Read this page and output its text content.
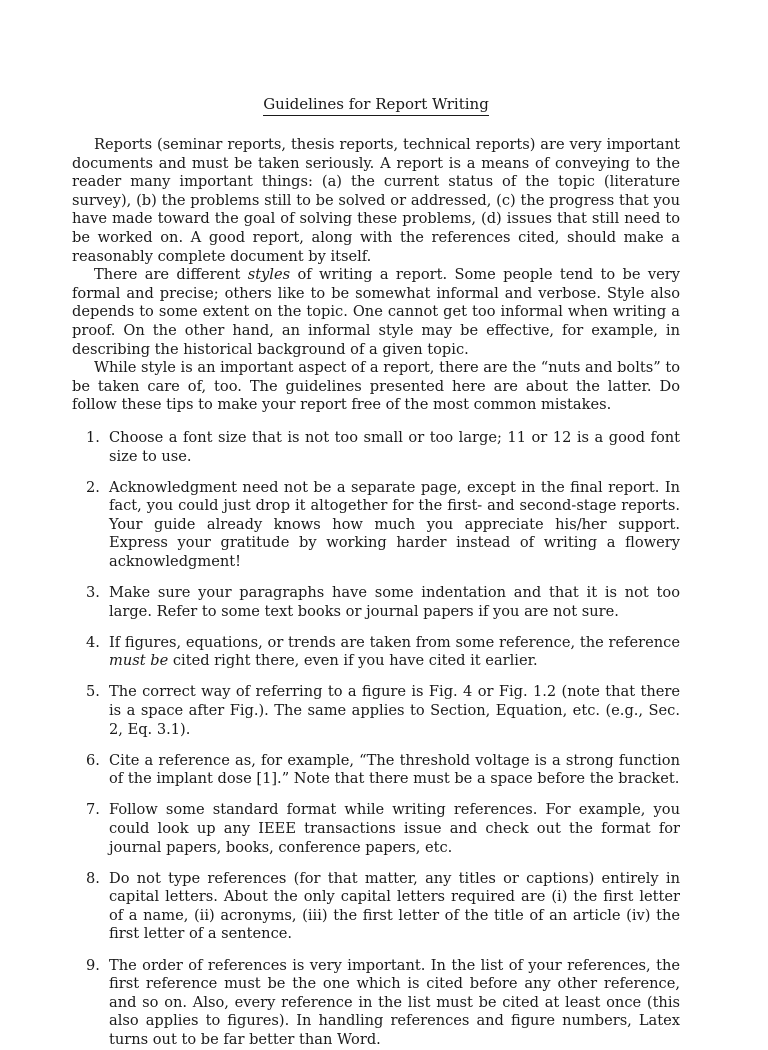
Guidelines for Report Writing

Reports (seminar reports, thesis reports, technical reports) are very important documents and must be taken seriously. A report is a means of conveying to the reader many important things: (a) the current status of the topic (literature survey), (b) the problems still to be solved or addressed, (c) the progress that you have made toward the goal of solving these problems, (d) issues that still need to be worked on. A good report, along with the references cited, should make a reasonably complete document by itself.

There are different styles of writing a report. Some people tend to be very formal and precise; others like to be somewhat informal and verbose. Style also depends to some extent on the topic. One cannot get too informal when writing a proof. On the other hand, an informal style may be effective, for example, in describing the historical background of a given topic.

While style is an important aspect of a report, there are the “nuts and bolts” to be taken care of, too. The guidelines presented here are about the latter. Do follow these tips to make your report free of the most common mistakes.

1. Choose a font size that is not too small or too large; 11 or 12 is a good font size to use.
2. Acknowledgment need not be a separate page, except in the final report. In fact, you could just drop it altogether for the first- and second-stage reports. Your guide already knows how much you appreciate his/her support. Express your gratitude by working harder instead of writing a flowery acknowledgment!
3. Make sure your paragraphs have some indentation and that it is not too large. Refer to some text books or journal papers if you are not sure.
4. If figures, equations, or trends are taken from some reference, the reference must be cited right there, even if you have cited it earlier.
5. The correct way of referring to a figure is Fig. 4 or Fig. 1.2 (note that there is a space after Fig.). The same applies to Section, Equation, etc. (e.g., Sec. 2, Eq. 3.1).
6. Cite a reference as, for example, “The threshold voltage is a strong function of the implant dose [1].” Note that there must be a space before the bracket.
7. Follow some standard format while writing references. For example, you could look up any IEEE transactions issue and check out the format for journal papers, books, conference papers, etc.
8. Do not type references (for that matter, any titles or captions) entirely in capital letters. About the only capital letters required are (i) the first letter of a name, (ii) acronyms, (iii) the first letter of the title of an article (iv) the first letter of a sentence.
9. The order of references is very important. In the list of your references, the first reference must be the one which is cited before any other reference, and so on. Also, every reference in the list must be cited at least once (this also applies to figures). In handling references and figure numbers, Latex turns out to be far better than Word.
